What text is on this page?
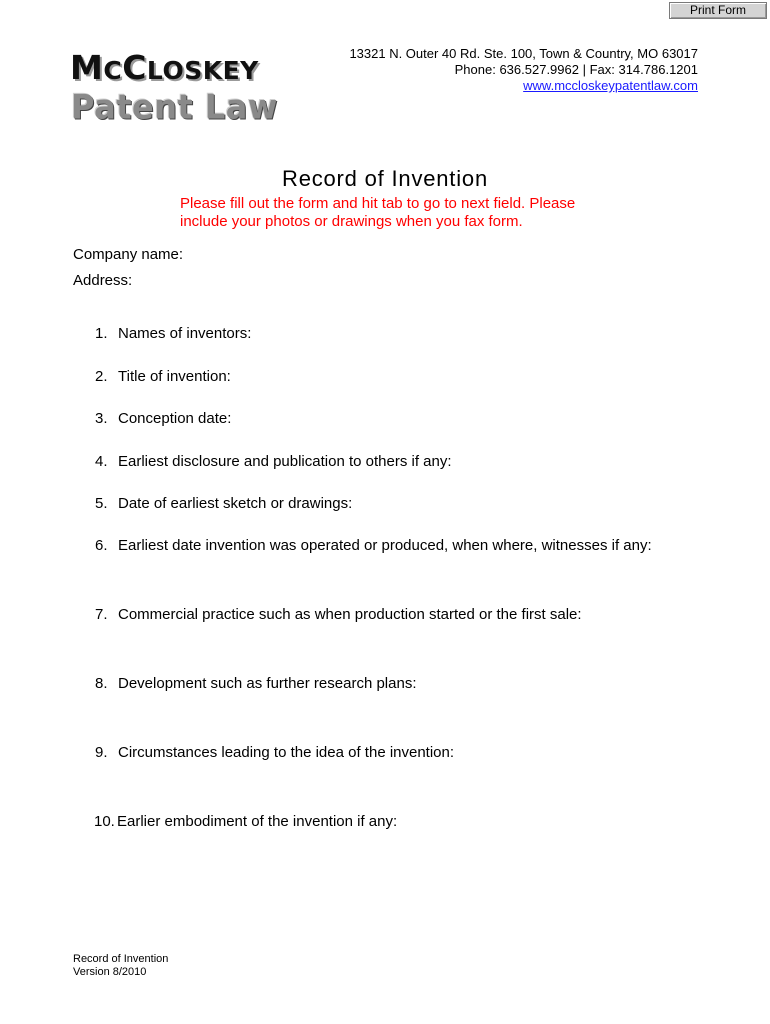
Print Form
MCCLOSKEY
Patent Law
13321 N. Outer 40 Rd. Ste. 100, Town & Country, MO 63017
Phone: 636.527.9962 | Fax: 314.786.1201
www.mccloskeypatentlaw.com
Record of Invention
Please fill out the form and hit tab to go to next field. Please
include your photos or drawings when you fax form.
Company name:
Address:
1. Names of inventors:
2. Title of invention:
3. Conception date:
4. Earliest disclosure and publication to others if any:
5. Date of earliest sketch or drawings:
6. Earliest date invention was operated or produced, when where, witnesses if any:
7. Commercial practice such as when production started or the first sale:
8. Development such as further research plans:
9. Circumstances leading to the idea of the invention:
10. Earlier embodiment of the invention if any:
Record of Invention
Version 8/2010
